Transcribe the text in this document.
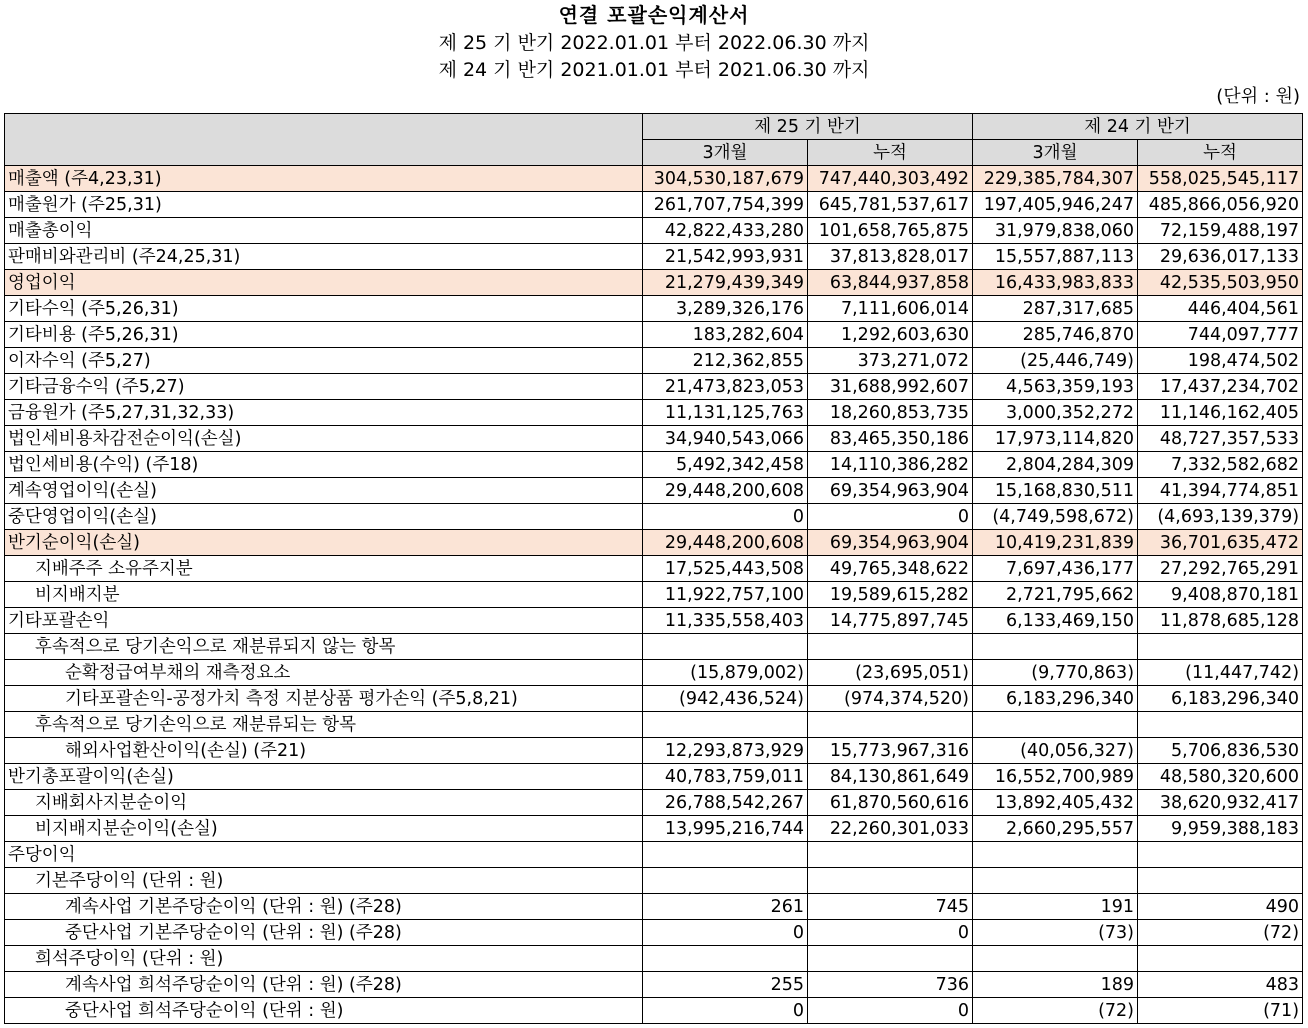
연결 포괄손익계산서
제 25 기 반기 2022.01.01 부터 2022.06.30 까지
제 24 기 반기 2021.01.01 부터 2021.06.30 까지
(단위 : 원)
	제 25 기 반기		제 24 기 반기	
	3개월	누적	3개월	누적
매출액 (주4,23,31)	304,530,187,679	747,440,303,492	229,385,784,307	558,025,545,117
매출원가 (주25,31)	261,707,754,399	645,781,537,617	197,405,946,247	485,866,056,920
매출총이익	42,822,433,280	101,658,765,875	31,979,838,060	72,159,488,197
판매비와관리비 (주24,25,31)	21,542,993,931	37,813,828,017	15,557,887,113	29,636,017,133
영업이익	21,279,439,349	63,844,937,858	16,433,983,833	42,535,503,950
기타수익 (주5,26,31)	3,289,326,176	7,111,606,014	287,317,685	446,404,561
기타비용 (주5,26,31)	183,282,604	1,292,603,630	285,746,870	744,097,777
이자수익 (주5,27)	212,362,855	373,271,072	(25,446,749)	198,474,502
기타금융수익 (주5,27)	21,473,823,053	31,688,992,607	4,563,359,193	17,437,234,702
금융원가 (주5,27,31,32,33)	11,131,125,763	18,260,853,735	3,000,352,272	11,146,162,405
법인세비용차감전순이익(손실)	34,940,543,066	83,465,350,186	17,973,114,820	48,727,357,533
법인세비용(수익) (주18)	5,492,342,458	14,110,386,282	2,804,284,309	7,332,582,682
계속영업이익(손실)	29,448,200,608	69,354,963,904	15,168,830,511	41,394,774,851
중단영업이익(손실)	0	0	(4,749,598,672)	(4,693,139,379)
반기순이익(손실)	29,448,200,608	69,354,963,904	10,419,231,839	36,701,635,472
지배주주 소유주지분	17,525,443,508	49,765,348,622	7,697,436,177	27,292,765,291
비지배지분	11,922,757,100	19,589,615,282	2,721,795,662	9,408,870,181
기타포괄손익	11,335,558,403	14,775,897,745	6,133,469,150	11,878,685,128
후속적으로 당기손익으로 재분류되지 않는 항목				
순확정급여부채의 재측정요소	(15,879,002)	(23,695,051)	(9,770,863)	(11,447,742)
기타포괄손익-공정가치 측정 지분상품 평가손익 (주5,8,21)	(942,436,524)	(974,374,520)	6,183,296,340	6,183,296,340
후속적으로 당기손익으로 재분류되는 항목				
해외사업환산이익(손실) (주21)	12,293,873,929	15,773,967,316	(40,056,327)	5,706,836,530
반기총포괄이익(손실)	40,783,759,011	84,130,861,649	16,552,700,989	48,580,320,600
지배회사지분순이익	26,788,542,267	61,870,560,616	13,892,405,432	38,620,932,417
비지배지분순이익(손실)	13,995,216,744	22,260,301,033	2,660,295,557	9,959,388,183
주당이익				
기본주당이익 (단위 : 원)				
계속사업 기본주당순이익 (단위 : 원) (주28)	261	745	191	490
중단사업 기본주당순이익 (단위 : 원) (주28)	0	0	(73)	(72)
희석주당이익 (단위 : 원)				
계속사업 희석주당순이익 (단위 : 원) (주28)	255	736	189	483
중단사업 희석주당순이익 (단위 : 원)	0	0	(72)	(71)
